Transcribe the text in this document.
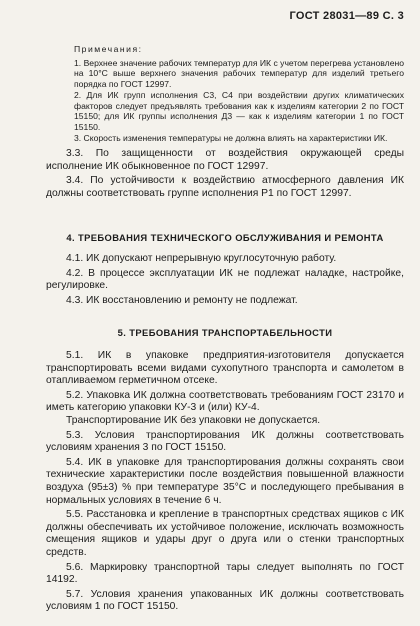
ГОСТ 28031—89 С. 3

Примечания:

1. Верхнее значение рабочих температур для ИК с учетом перегрева установлено на 10°С выше верхнего значения рабочих температур для изделий третьего порядка по ГОСТ 12997.

2. Для ИК групп исполнения С3, С4 при воздействии других климатических факторов следует предъявлять требования как к изделиям категории 2 по ГОСТ 15150; для ИК группы исполнения Д3 — как к изделиям категории 1 по ГОСТ 15150.

3. Скорость изменения температуры не должна влиять на характеристики ИК.

3.3. По защищенности от воздействия окружающей среды исполнение ИК обыкновенное по ГОСТ 12997.

3.4. По устойчивости к воздействию атмосферного давления ИК должны соответствовать группе исполнения Р1 по ГОСТ 12997.

4. ТРЕБОВАНИЯ ТЕХНИЧЕСКОГО ОБСЛУЖИВАНИЯ И РЕМОНТА

4.1. ИК допускают непрерывную круглосуточную работу.

4.2. В процессе эксплуатации ИК не подлежат наладке, настройке, регулировке.

4.3. ИК восстановлению и ремонту не подлежат.

5. ТРЕБОВАНИЯ ТРАНСПОРТАБЕЛЬНОСТИ

5.1. ИК в упаковке предприятия-изготовителя допускается транспортировать всеми видами сухопутного транспорта и самолетом в отапливаемом герметичном отсеке.

5.2. Упаковка ИК должна соответствовать требованиям ГОСТ 23170 и иметь категорию упаковки КУ-3 и (или) КУ-4.

Транспортирование ИК без упаковки не допускается.

5.3. Условия транспортирования ИК должны соответствовать условиям хранения 3 по ГОСТ 15150.

5.4. ИК в упаковке для транспортирования должны сохранять свои технические характеристики после воздействия повышенной влажности воздуха (95±3) % при температуре 35°С и последующего пребывания в нормальных условиях в течение 6 ч.

5.5. Расстановка и крепление в транспортных средствах ящиков с ИК должны обеспечивать их устойчивое положение, исключать возможность смещения ящиков и удары друг о друга или о стенки транспортных средств.

5.6. Маркировку транспортной тары следует выполнять по ГОСТ 14192.

5.7. Условия хранения упакованных ИК должны соответствовать условиям 1 по ГОСТ 15150.
